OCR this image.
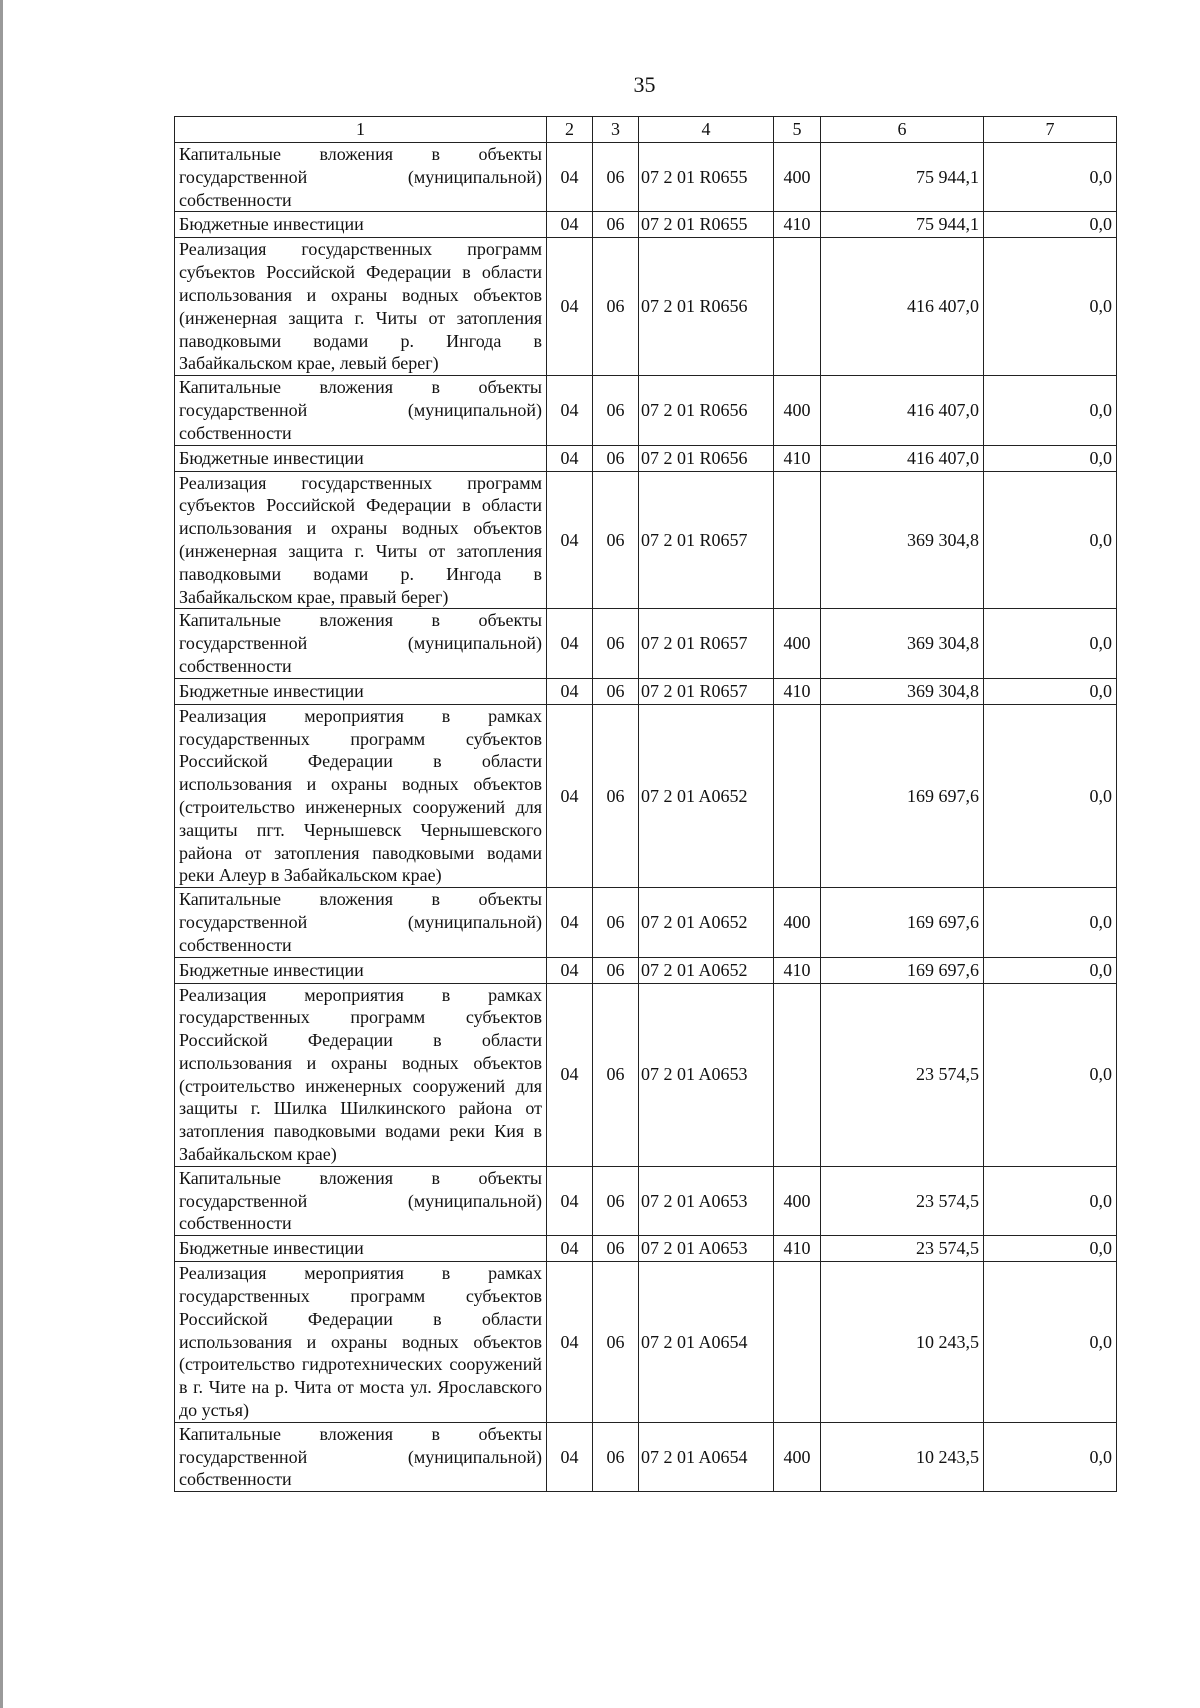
35
1	2	3	4	5	6	7
Капитальные вложения в объекты государственной (муниципальной) собственности	04	06	07 2 01 R0655	400	75 944,1	0,0
Бюджетные инвестиции	04	06	07 2 01 R0655	410	75 944,1	0,0
Реализация государственных программ субъектов Российской Федерации в области использования и охраны водных объектов (инженерная защита г. Читы от затопления паводковыми водами р. Ингода в Забайкальском крае, левый берег)	04	06	07 2 01 R0656		416 407,0	0,0
Капитальные вложения в объекты государственной (муниципальной) собственности	04	06	07 2 01 R0656	400	416 407,0	0,0
Бюджетные инвестиции	04	06	07 2 01 R0656	410	416 407,0	0,0
Реализация государственных программ субъектов Российской Федерации в области использования и охраны водных объектов (инженерная защита г. Читы от затопления паводковыми водами р. Ингода в Забайкальском крае, правый берег)	04	06	07 2 01 R0657		369 304,8	0,0
Капитальные вложения в объекты государственной (муниципальной) собственности	04	06	07 2 01 R0657	400	369 304,8	0,0
Бюджетные инвестиции	04	06	07 2 01 R0657	410	369 304,8	0,0
Реализация мероприятия в рамках государственных программ субъектов Российской Федерации в области использования и охраны водных объектов (строительство инженерных сооружений для защиты пгт. Чернышевск Чернышевского района от затопления паводковыми водами реки Алеур в Забайкальском крае)	04	06	07 2 01 A0652		169 697,6	0,0
Капитальные вложения в объекты государственной (муниципальной) собственности	04	06	07 2 01 A0652	400	169 697,6	0,0
Бюджетные инвестиции	04	06	07 2 01 A0652	410	169 697,6	0,0
Реализация мероприятия в рамках государственных программ субъектов Российской Федерации в области использования и охраны водных объектов (строительство инженерных сооружений для защиты г. Шилка Шилкинского района от затопления паводковыми водами реки Кия в Забайкальском крае)	04	06	07 2 01 A0653		23 574,5	0,0
Капитальные вложения в объекты государственной (муниципальной) собственности	04	06	07 2 01 A0653	400	23 574,5	0,0
Бюджетные инвестиции	04	06	07 2 01 A0653	410	23 574,5	0,0
Реализация мероприятия в рамках государственных программ субъектов Российской Федерации в области использования и охраны водных объектов (строительство гидротехнических сооружений в г. Чите на р. Чита от моста ул. Ярославского до устья)	04	06	07 2 01 A0654		10 243,5	0,0
Капитальные вложения в объекты государственной (муниципальной) собственности	04	06	07 2 01 A0654	400	10 243,5	0,0
